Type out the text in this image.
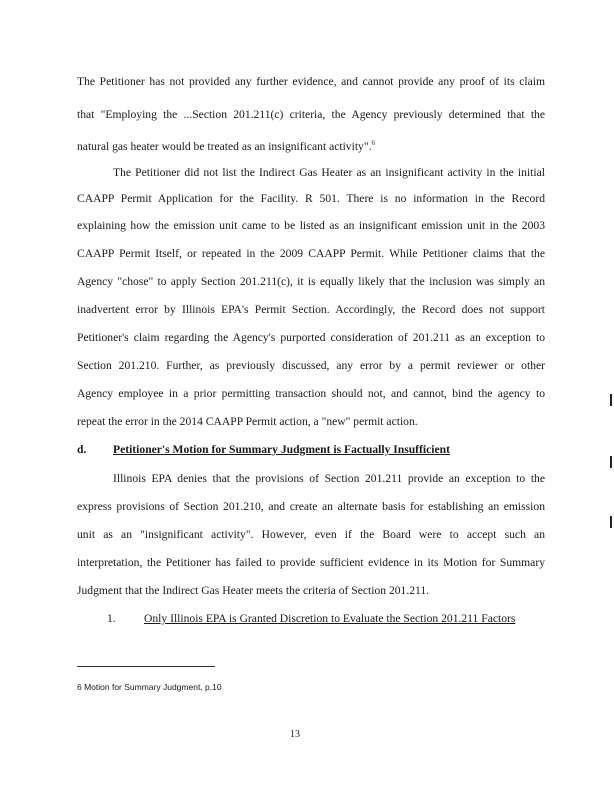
The Petitioner has not provided any further evidence, and cannot provide any proof of its claim
that "Employing the ...Section 201.211(c) criteria, the Agency previously determined that the
natural gas heater would be treated as an insignificant activity".$^6$
The Petitioner did not list the Indirect Gas Heater as an insignificant activity in the initial
CAAPP Permit Application for the Facility. R 501. There is no information in the Record
explaining how the emission unit came to be listed as an insignificant emission unit in the 2003
CAAPP Permit Itself, or repeated in the 2009 CAAPP Permit. While Petitioner claims that the
Agency "chose" to apply Section 201.211(c), it is equally likely that the inclusion was simply an
inadvertent error by Illinois EPA's Permit Section. Accordingly, the Record does not support
Petitioner's claim regarding the Agency's purported consideration of 201.211 as an exception to
Section 201.210. Further, as previously discussed, any error by a permit reviewer or other
Agency employee in a prior permitting transaction should not, and cannot, bind the agency to
repeat the error in the 2014 CAAPP Permit action, a "new" permit action.
d. Petitioner's Motion for Summary Judgment is Factually Insufficient
Illinois EPA denies that the provisions of Section 201.211 provide an exception to the
express provisions of Section 201.210, and create an alternate basis for establishing an emission
unit as an "insignificant activity". However, even if the Board were to accept such an
interpretation, the Petitioner has failed to provide sufficient evidence in its Motion for Summary
Judgment that the Indirect Gas Heater meets the criteria of Section 201.211.
1. Only Illinois EPA is Granted Discretion to Evaluate the Section 201.211 Factors
6 Motion for Summary Judgment, p.10
13
